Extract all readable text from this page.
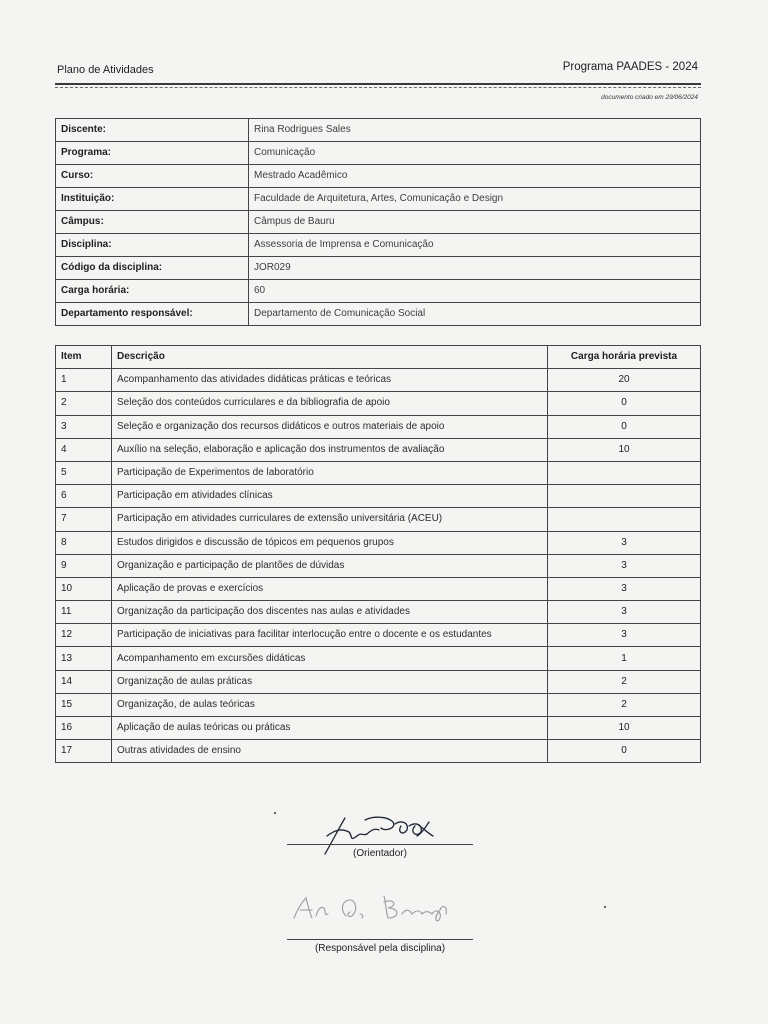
Plano de Atividades	Programa PAADES - 2024
documento criado em 29/06/2024
Discente:	Rina Rodrigues Sales
Programa:	Comunicação
Curso:	Mestrado Acadêmico
Instituição:	Faculdade de Arquitetura, Artes, Comunicação e Design
Câmpus:	Câmpus de Bauru
Disciplina:	Assessoria de Imprensa e Comunicação
Código da disciplina:	JOR029
Carga horária:	60
Departamento responsável:	Departamento de Comunicação Social
Item	Descrição	Carga horária prevista
1	Acompanhamento das atividades didáticas práticas e teóricas	20
2	Seleção dos conteúdos curriculares e da bibliografia de apoio	0
3	Seleção e organização dos recursos didáticos e outros materiais de apoio	0
4	Auxílio na seleção, elaboração e aplicação dos instrumentos de avaliação	10
5	Participação de Experimentos de laboratório	
6	Participação em atividades clínicas	
7	Participação em atividades curriculares de extensão universitária (ACEU)	
8	Estudos dirigidos e discussão de tópicos em pequenos grupos	3
9	Organização e participação de plantões de dúvidas	3
10	Aplicação de provas e exercícios	3
11	Organização da participação dos discentes nas aulas e atividades	3
12	Participação de iniciativas para facilitar interlocução entre o docente e os estudantes	3
13	Acompanhamento em excursões didáticas	1
14	Organização de aulas práticas	2
15	Organização, de aulas teóricas	2
16	Aplicação de aulas teóricas ou práticas	10
17	Outras atividades de ensino	0
(Orientador)
(Responsável pela disciplina)
